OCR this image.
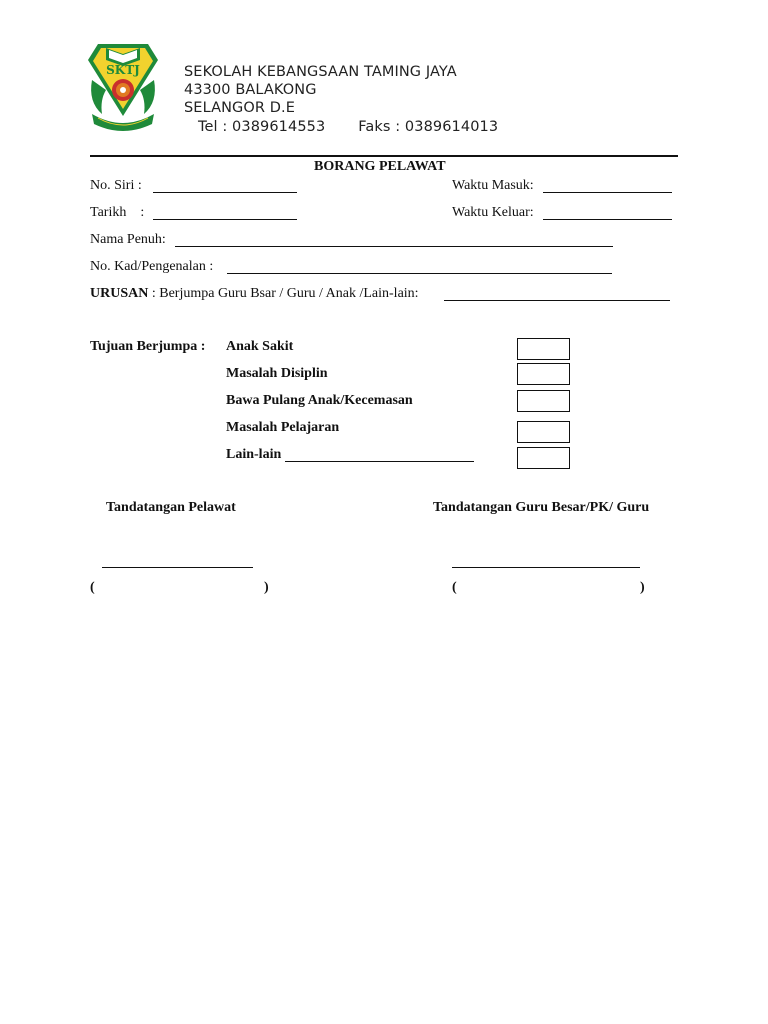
SKTJ	SEKOLAH KEBANGSAAN TAMING JAYA
43300 BALAKONG
SELANGOR D.E
Tel : 0389614553       Faks : 0389614013
BORANG PELAWAT
No. Siri :	Waktu Masuk:
Tarikh    :	Waktu Keluar:
Nama Penuh:
No. Kad/Pengenalan :
URUSAN : Berjumpa Guru Bsar / Guru / Anak /Lain-lain:
Tujuan Berjumpa : Anak Sakit
Masalah Disiplin
Bawa Pulang Anak/Kecemasan
Masalah Pelajaran
Lain-lain
Tandatangan Pelawat	Tandatangan Guru Besar/PK/ Guru
(	)	(	)
